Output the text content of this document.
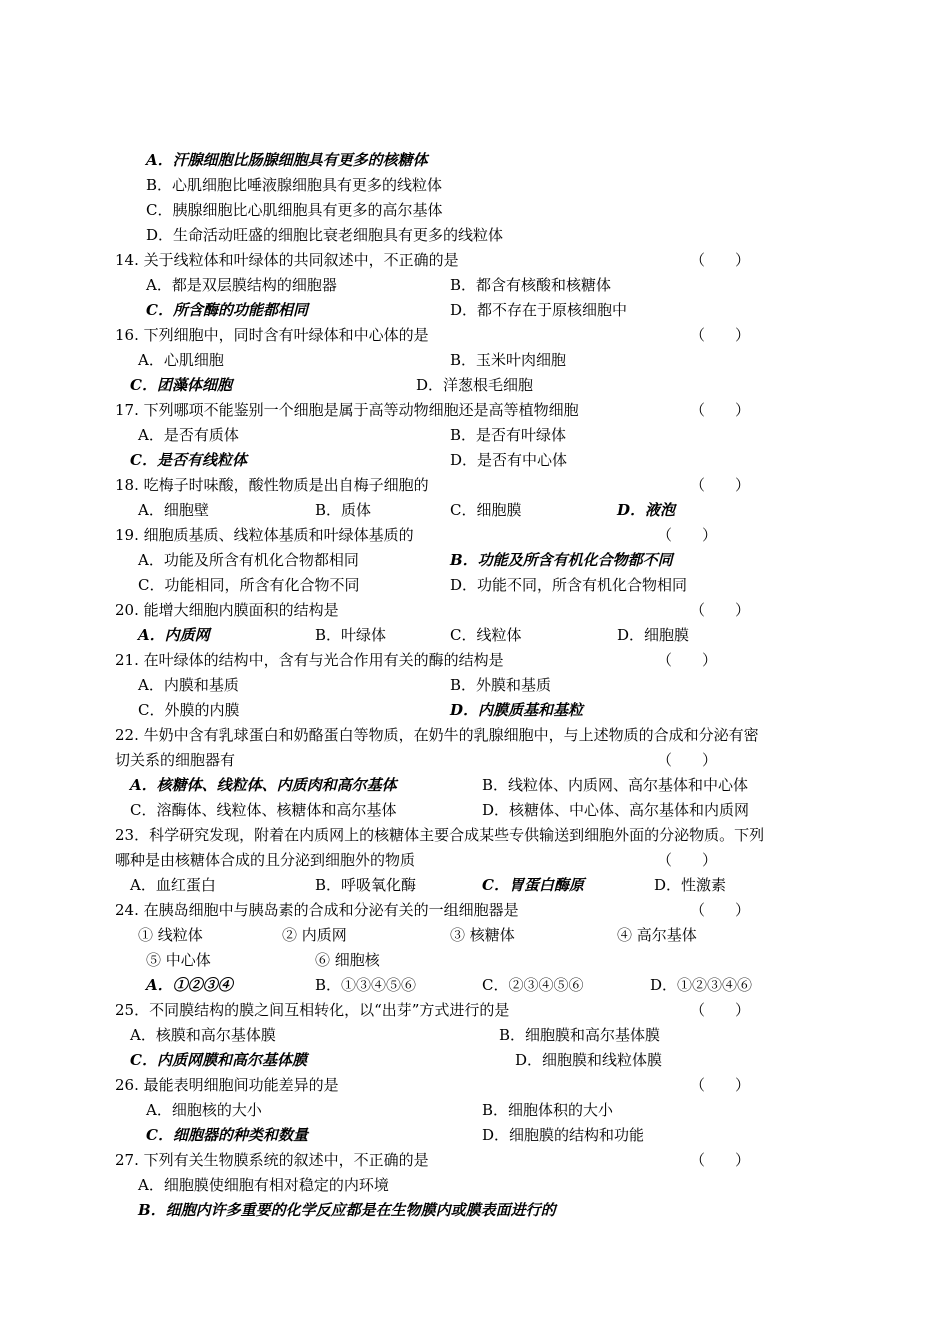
A．汗腺细胞比肠腺细胞具有更多的核糖体
B．心肌细胞比唾液腺细胞具有更多的线粒体
C．胰腺细胞比心肌细胞具有更多的高尔基体
D．生命活动旺盛的细胞比衰老细胞具有更多的线粒体
14. 关于线粒体和叶绿体的共同叙述中，不正确的是	（　　）
A．都是双层膜结构的细胞器	B．都含有核酸和核糖体
C．所含酶的功能都相同	D．都不存在于原核细胞中
16. 下列细胞中，同时含有叶绿体和中心体的是	（　　）
A．心肌细胞	B．玉米叶肉细胞
C．团藻体细胞	D．洋葱根毛细胞
17. 下列哪项不能鉴别一个细胞是属于高等动物细胞还是高等植物细胞	（　　）
A．是否有质体	B．是否有叶绿体
C．是否有线粒体	D．是否有中心体
18. 吃梅子时味酸，酸性物质是出自梅子细胞的	（　　）
A．细胞壁	B．质体	C．细胞膜	D．液泡
19. 细胞质基质、线粒体基质和叶绿体基质的	（　　）
A．功能及所含有机化合物都相同	B．功能及所含有机化合物都不同
C．功能相同，所含有化合物不同	D．功能不同，所含有机化合物相同
20. 能增大细胞内膜面积的结构是	（　　）
A．内质网	B．叶绿体	C．线粒体	D．细胞膜
21. 在叶绿体的结构中，含有与光合作用有关的酶的结构是	（　　）
A．内膜和基质	B．外膜和基质
C．外膜的内膜	D．内膜质基和基粒
22. 牛奶中含有乳球蛋白和奶酪蛋白等物质，在奶牛的乳腺细胞中，与上述物质的合成和分泌有密
切关系的细胞器有	（　　）
A．核糖体、线粒体、内质肉和高尔基体	B．线粒体、内质网、高尔基体和中心体
C．溶酶体、线粒体、核糖体和高尔基体	D．核糖体、中心体、高尔基体和内质网
23．科学研究发现，附着在内质网上的核糖体主要合成某些专供输送到细胞外面的分泌物质。下列
哪种是由核糖体合成的且分泌到细胞外的物质	（　　）
A．血红蛋白	B．呼吸氧化酶	C．胃蛋白酶原	D．性激素
24. 在胰岛细胞中与胰岛素的合成和分泌有关的一组细胞器是	（　　）
① 线粒体	② 内质网	③ 核糖体	④ 高尔基体
⑤ 中心体	⑥ 细胞核
A．①②③④	B．①③④⑤⑥	C．②③④⑤⑥	D．①②③④⑥
25．不同膜结构的膜之间互相转化，以“出芽”方式进行的是	（　　）
A．核膜和高尔基体膜	B．细胞膜和高尔基体膜
C．内质网膜和高尔基体膜	D．细胞膜和线粒体膜
26. 最能表明细胞间功能差异的是	（　　）
A．细胞核的大小	B．细胞体积的大小
C．细胞器的种类和数量	D．细胞膜的结构和功能
27. 下列有关生物膜系统的叙述中，不正确的是	（　　）
A．细胞膜使细胞有相对稳定的内环境
B．细胞内许多重要的化学反应都是在生物膜内或膜表面进行的
